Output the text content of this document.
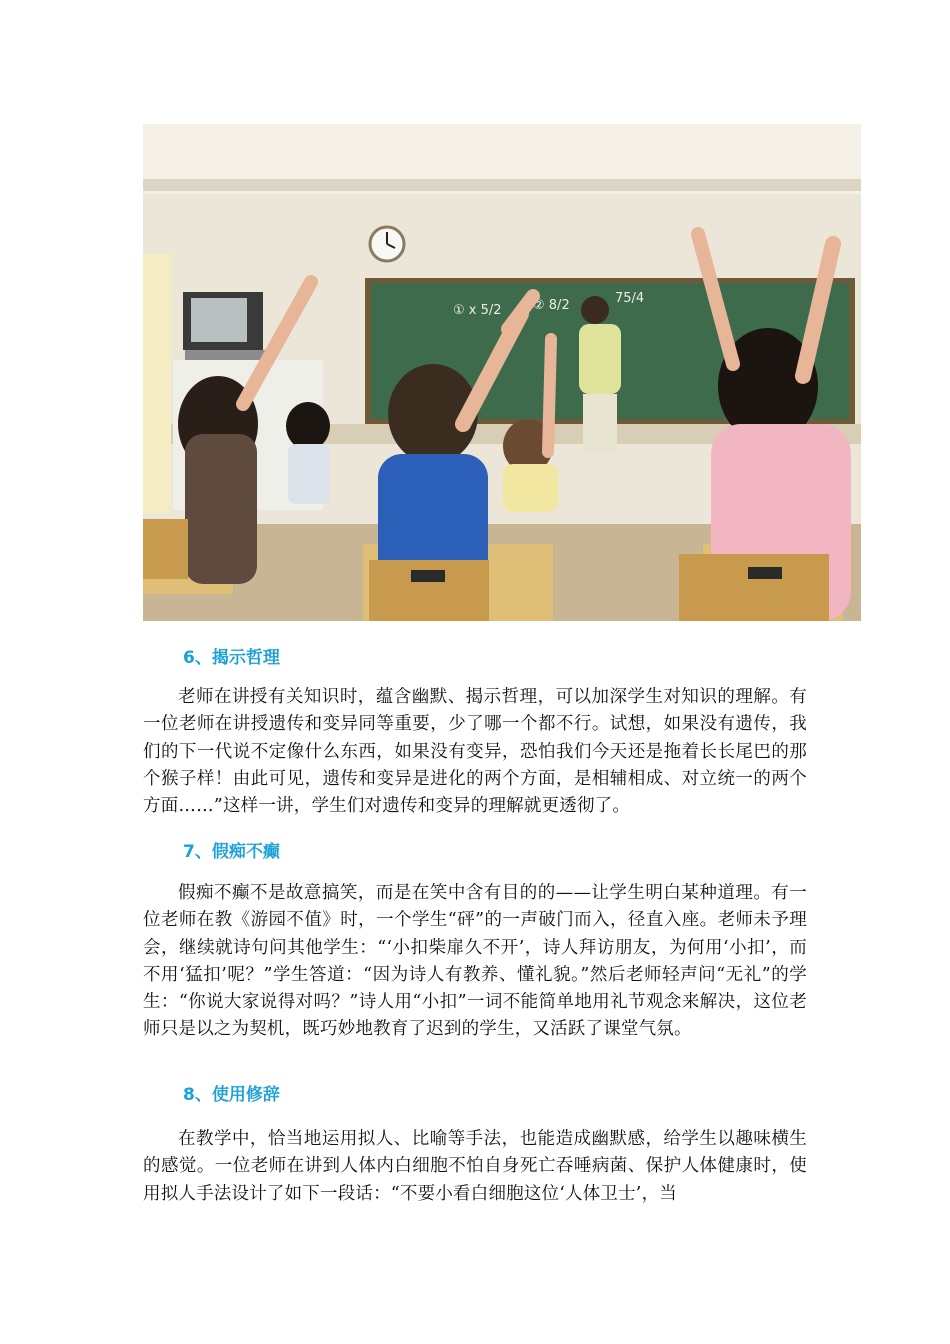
① x 5/2 ② 8/2	75/4

6、揭示哲理

老师在讲授有关知识时，蕴含幽默、揭示哲理，可以加深学生对知识的理解。有一位老师在讲授遗传和变异同等重要，少了哪一个都不行。试想，如果没有遗传，我们的下一代说不定像什么东西，如果没有变异，恐怕我们今天还是拖着长长尾巴的那个猴子样！由此可见，遗传和变异是进化的两个方面，是相辅相成、对立统一的两个方面……”这样一讲，学生们对遗传和变异的理解就更透彻了。

7、假痴不癫

假痴不癫不是故意搞笑，而是在笑中含有目的的——让学生明白某种道理。有一位老师在教《游园不值》时，一个学生“砰”的一声破门而入，径直入座。老师未予理会，继续就诗句问其他学生：“‘小扣柴扉久不开’，诗人拜访朋友，为何用‘小扣’，而不用‘猛扣’呢？”学生答道：“因为诗人有教养、懂礼貌。”然后老师轻声问“无礼”的学生：“你说大家说得对吗？”诗人用“小扣”一词不能简单地用礼节观念来解决，这位老师只是以之为契机，既巧妙地教育了迟到的学生，又活跃了课堂气氛。

8、使用修辞

在教学中，恰当地运用拟人、比喻等手法，也能造成幽默感，给学生以趣味横生的感觉。一位老师在讲到人体内白细胞不怕自身死亡吞唾病菌、保护人体健康时，使用拟人手法设计了如下一段话：“不要小看白细胞这位‘人体卫士’，当
